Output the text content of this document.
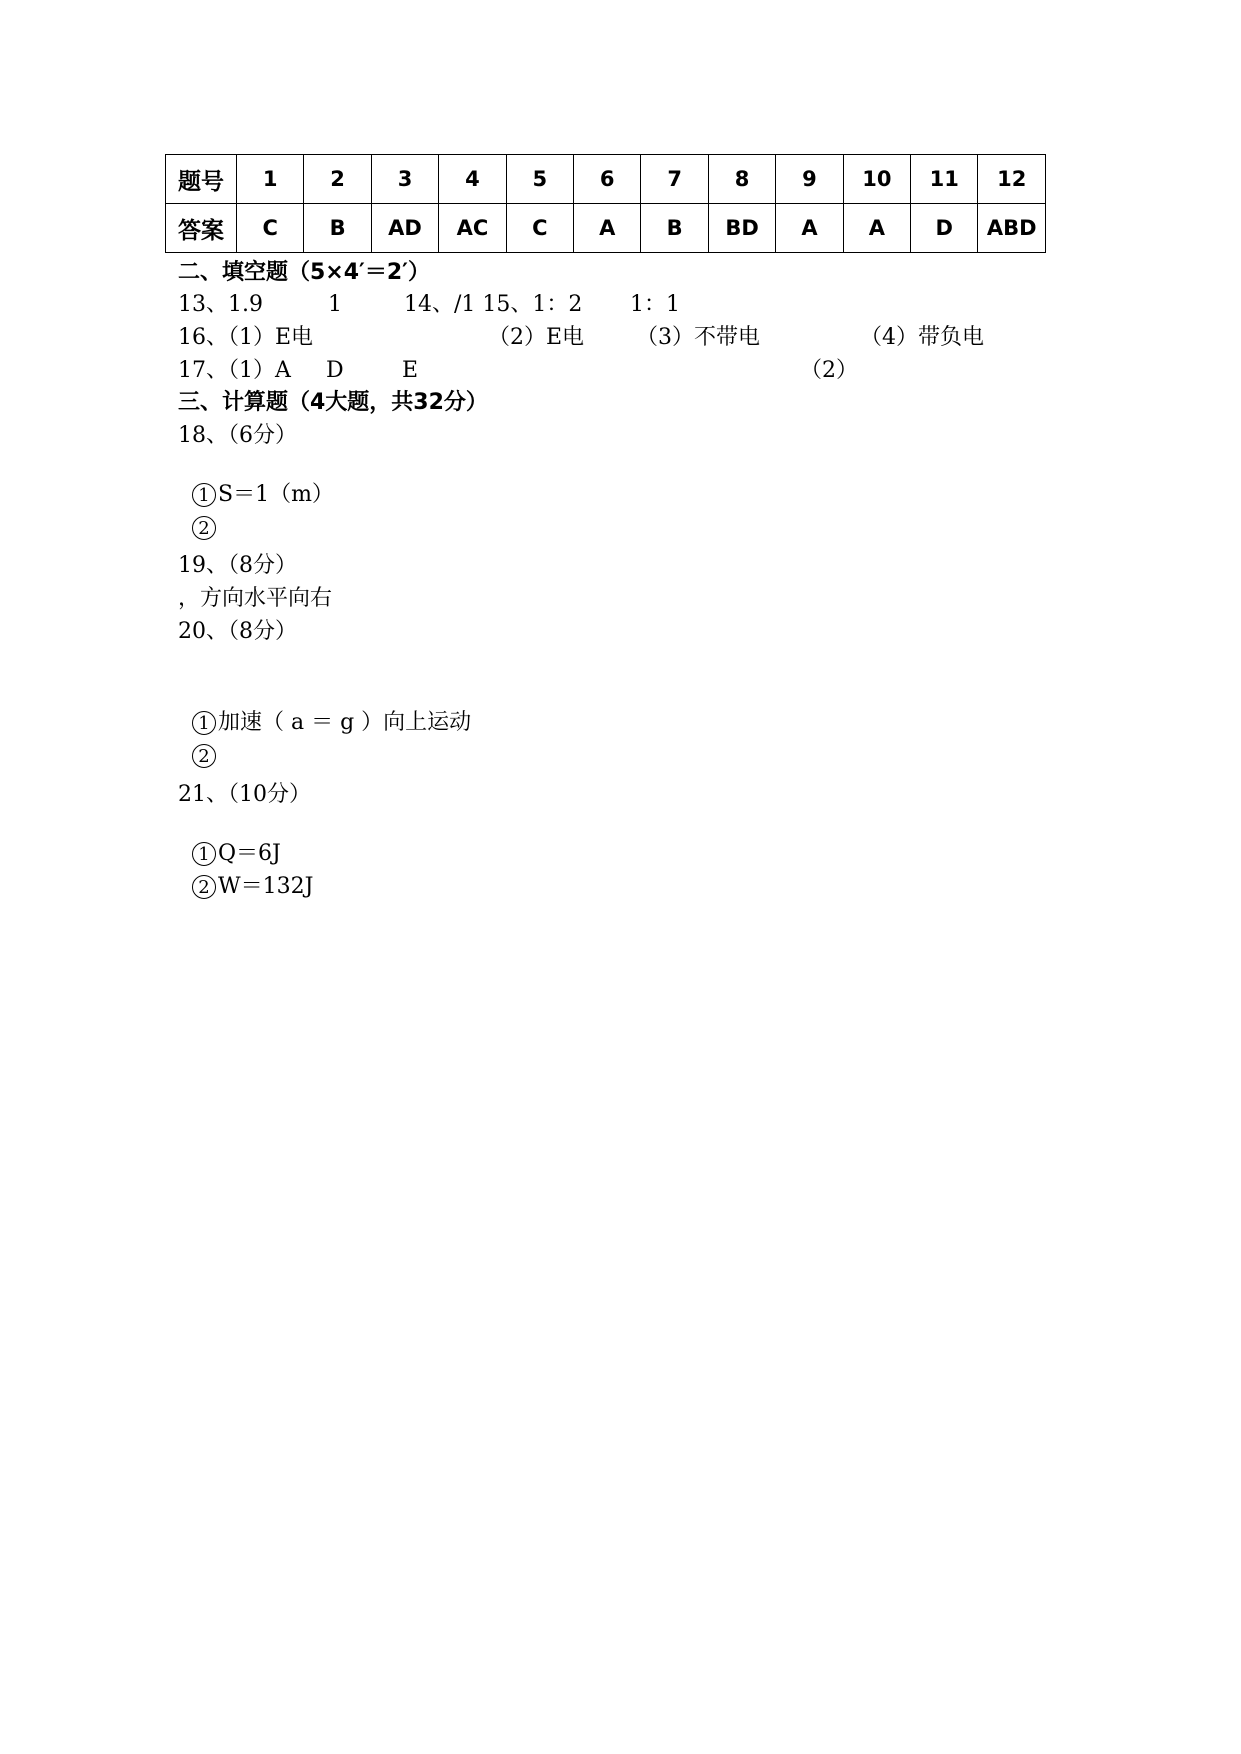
题号	1	2	3	4	5	6	7	8	9	10	11	12
答案	C	B	AD	AC	C	A	B	BD	A	A	D	ABD
二、填空题（5×4′＝2′）
13、1.9	1	14、/1 15、1：2 1：1
16、（1）E电	（2）E电 （3）不带电	（4）带负电
17、（1）A D	E	（2）
三、计算题（4大题，共32分）
18、（6分）

1 S＝1（m）

2

19、（8分）
，方向水平向右
20、（8分）

1 加速（ a ＝ g ）向上运动

2

21、（10分）

1 Q＝6J

2 W＝132J
